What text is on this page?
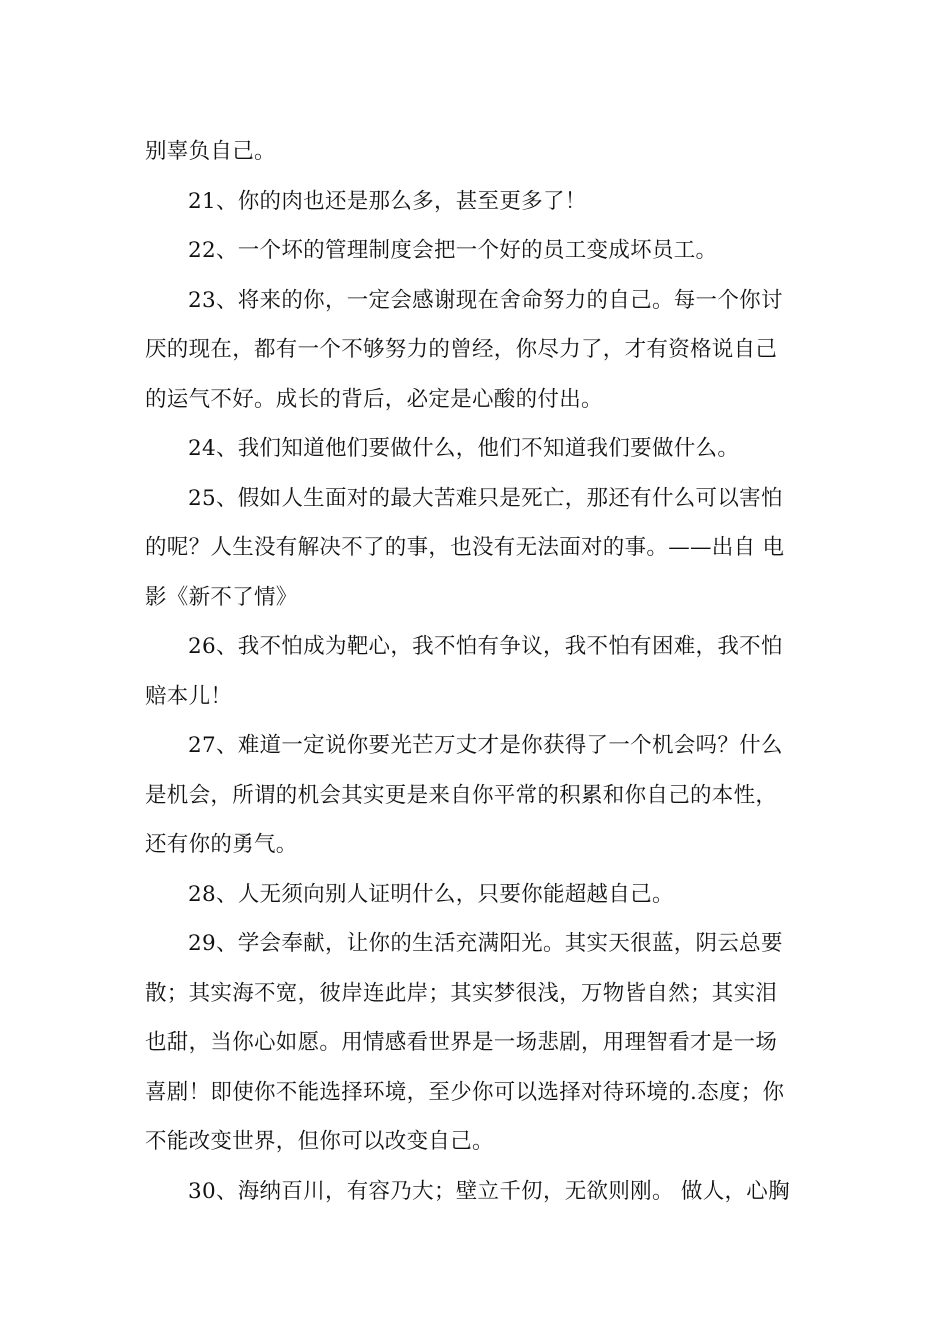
别辜负自己。
21、你的肉也还是那么多，甚至更多了！
22、一个坏的管理制度会把一个好的员工变成坏员工。
23、将来的你，一定会感谢现在舍命努力的自己。每一个你讨
厌的现在，都有一个不够努力的曾经，你尽力了，才有资格说自己
的运气不好。成长的背后，必定是心酸的付出。
24、我们知道他们要做什么，他们不知道我们要做什么。
25、假如人生面对的最大苦难只是死亡，那还有什么可以害怕
的呢？人生没有解决不了的事，也没有无法面对的事。——出自 电
影《新不了情》
26、我不怕成为靶心，我不怕有争议，我不怕有困难，我不怕
赔本儿！
27、难道一定说你要光芒万丈才是你获得了一个机会吗？什么
是机会，所谓的机会其实更是来自你平常的积累和你自己的本性，
还有你的勇气。
28、人无须向别人证明什么，只要你能超越自己。
29、学会奉献，让你的生活充满阳光。其实天很蓝，阴云总要
散；其实海不宽，彼岸连此岸；其实梦很浅，万物皆自然；其实泪
也甜，当你心如愿。用情感看世界是一场悲剧，用理智看才是一场
喜剧！即使你不能选择环境，至少你可以选择对待环境的.态度；你
不能改变世界，但你可以改变自己。
30、海纳百川，有容乃大；壁立千仞，无欲则刚。 做人，心胸
